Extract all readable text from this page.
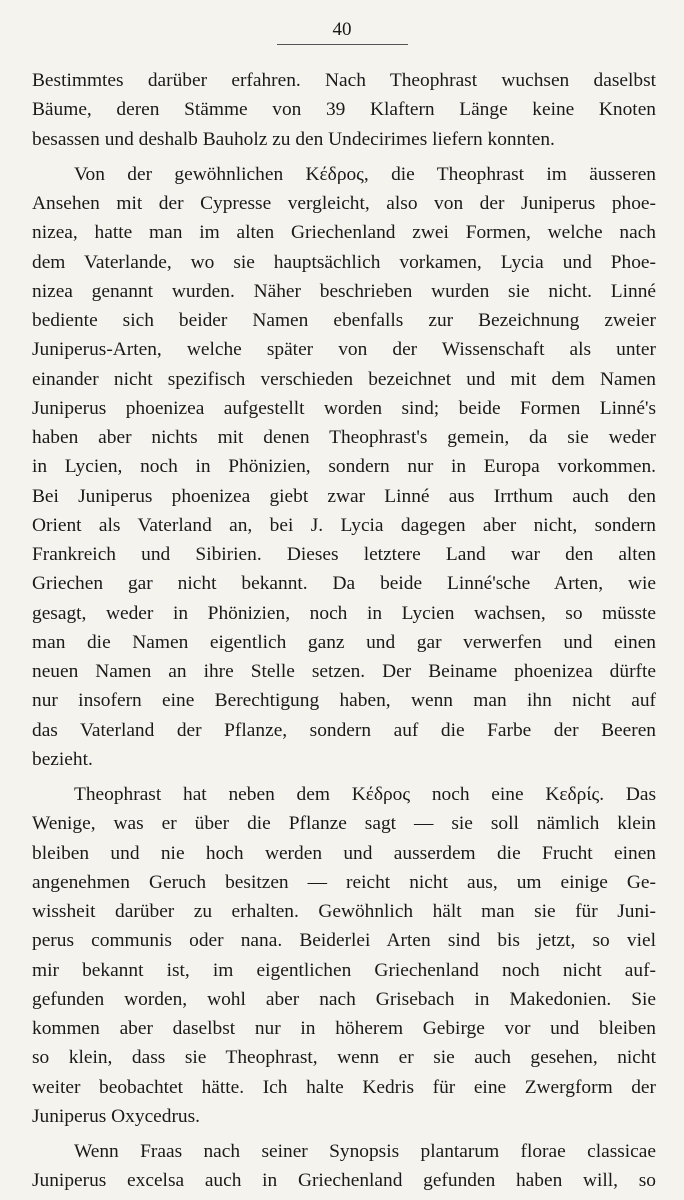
40

Bestimmtes darüber erfahren. Nach Theophrast wuchsen daselbst
Bäume, deren Stämme von 39 Klaftern Länge keine Knoten
besassen und deshalb Bauholz zu den Undecirimes liefern konnten.

Von der gewöhnlichen Κέδρος, die Theophrast im äusseren
Ansehen mit der Cypresse vergleicht, also von der Juniperus phoe-
nizea, hatte man im alten Griechenland zwei Formen, welche nach
dem Vaterlande, wo sie hauptsächlich vorkamen, Lycia und Phoe-
nizea genannt wurden. Näher beschrieben wurden sie nicht. Linné
bediente sich beider Namen ebenfalls zur Bezeichnung zweier
Juniperus-Arten, welche später von der Wissenschaft als unter
einander nicht spezifisch verschieden bezeichnet und mit dem Namen
Juniperus phoenizea aufgestellt worden sind; beide Formen Linné's
haben aber nichts mit denen Theophrast's gemein, da sie weder
in Lycien, noch in Phönizien, sondern nur in Europa vorkommen.
Bei Juniperus phoenizea giebt zwar Linné aus Irrthum auch den
Orient als Vaterland an, bei J. Lycia dagegen aber nicht, sondern
Frankreich und Sibirien. Dieses letztere Land war den alten
Griechen gar nicht bekannt. Da beide Linné'sche Arten, wie
gesagt, weder in Phönizien, noch in Lycien wachsen, so müsste
man die Namen eigentlich ganz und gar verwerfen und einen
neuen Namen an ihre Stelle setzen. Der Beiname phoenizea dürfte
nur insofern eine Berechtigung haben, wenn man ihn nicht auf
das Vaterland der Pflanze, sondern auf die Farbe der Beeren
bezieht.

Theophrast hat neben dem Κέδρος noch eine Κεδρίς. Das
Wenige, was er über die Pflanze sagt — sie soll nämlich klein
bleiben und nie hoch werden und ausserdem die Frucht einen
angenehmen Geruch besitzen — reicht nicht aus, um einige Ge-
wissheit darüber zu erhalten. Gewöhnlich hält man sie für Juni-
perus communis oder nana. Beiderlei Arten sind bis jetzt, so viel
mir bekannt ist, im eigentlichen Griechenland noch nicht auf-
gefunden worden, wohl aber nach Grisebach in Makedonien. Sie
kommen aber daselbst nur in höherem Gebirge vor und bleiben
so klein, dass sie Theophrast, wenn er sie auch gesehen, nicht
weiter beobachtet hätte. Ich halte Kedris für eine Zwergform der
Juniperus Oxycedrus.

Wenn Fraas nach seiner Synopsis plantarum florae classicae
Juniperus excelsa auch in Griechenland gefunden haben will, so
